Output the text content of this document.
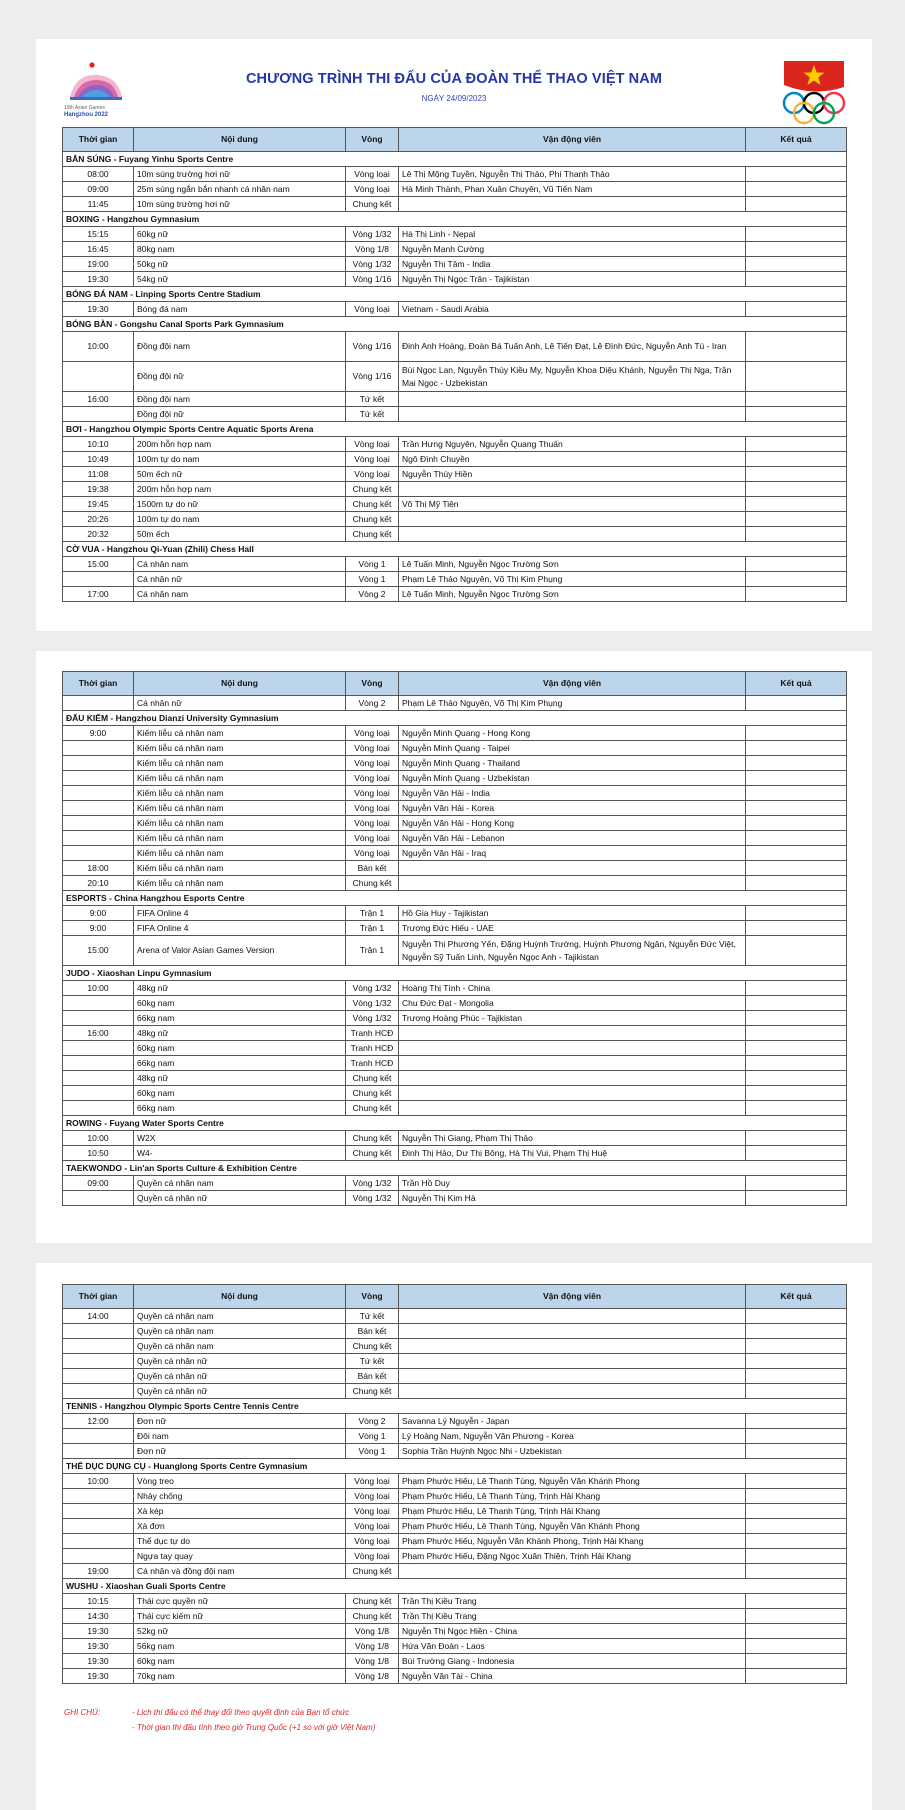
19th Asian Games
Hangzhou 2022
CHƯƠNG TRÌNH THI ĐẤU CỦA ĐOÀN THỂ THAO VIỆT NAM
NGÀY 24/09/2023
Thời gian	Nội dung	Vòng	Vận động viên	Kết quả
BẮN SÚNG - Fuyang Yinhu Sports Centre				
08:00	10m súng trường hơi nữ	Vòng loại	Lê Thị Mộng Tuyền, Nguyễn Thị Thảo, Phí Thanh Thảo	
09:00	25m súng ngắn bắn nhanh cá nhân nam	Vòng loại	Hà Minh Thành, Phan Xuân Chuyên, Vũ Tiến Nam	
11:45	10m súng trường hơi nữ	Chung kết		
BOXING - Hangzhou Gymnasium				
15:15	60kg nữ	Vòng 1/32	Hà Thị Linh - Nepal	
16:45	80kg nam	Vòng 1/8	Nguyễn Mạnh Cường	
19:00	50kg nữ	Vòng 1/32	Nguyễn Thị Tâm - India	
19:30	54kg nữ	Vòng 1/16	Nguyễn Thị Ngọc Trân - Tajikistan	
BÓNG ĐÁ NAM - Linping Sports Centre Stadium				
19:30	Bóng đá nam	Vòng loại	Vietnam - Saudi Arabia	
BÓNG BÀN - Gongshu Canal Sports Park Gymnasium				
10:00	Đồng đội nam	Vòng 1/16	Đinh Anh Hoàng, Đoàn Bá Tuấn Anh, Lê Tiến Đạt, Lê Đình Đức, Nguyễn Anh Tú - Iran	
	Đồng đội nữ	Vòng 1/16	Bùi Ngọc Lan, Nguyễn Thùy Kiều My, Nguyễn Khoa Diệu Khánh, Nguyễn Thị Nga, Trần Mai Ngọc - Uzbekistan	
16:00	Đồng đội nam	Tứ kết		
	Đồng đội nữ	Tứ kết		
BƠI - Hangzhou Olympic Sports Centre Aquatic Sports Arena				
10:10	200m hỗn hợp nam	Vòng loại	Trần Hưng Nguyên, Nguyễn Quang Thuấn	
10:49	100m tự do nam	Vòng loại	Ngô Đình Chuyền	
11:08	50m ếch nữ	Vòng loại	Nguyễn Thúy Hiền	
19:38	200m hỗn hợp nam	Chung kết		
19:45	1500m tự do nữ	Chung kết	Võ Thị Mỹ Tiên	
20:26	100m tự do nam	Chung kết		
20:32	50m ếch	Chung kết		
CỜ VUA - Hangzhou Qi-Yuan (Zhili) Chess Hall				
15:00	Cá nhân nam	Vòng 1	Lê Tuấn Minh, Nguyễn Ngọc Trường Sơn	
	Cá nhân nữ	Vòng 1	Phạm Lê Thảo Nguyên, Võ Thị Kim Phụng	
17:00	Cá nhân nam	Vòng 2	Lê Tuấn Minh, Nguyễn Ngọc Trường Sơn	
Thời gian	Nội dung	Vòng	Vận động viên	Kết quả
	Cá nhân nữ	Vòng 2	Phạm Lê Thảo Nguyên, Võ Thị Kim Phụng	
ĐẤU KIẾM - Hangzhou Dianzi University Gymnasium				
9:00	Kiếm liễu cá nhân nam	Vòng loại	Nguyễn Minh Quang - Hong Kong	
	Kiếm liễu cá nhân nam	Vòng loại	Nguyễn Minh Quang - Taipei	
	Kiếm liễu cá nhân nam	Vòng loại	Nguyễn Minh Quang - Thailand	
	Kiếm liễu cá nhân nam	Vòng loại	Nguyễn Minh Quang - Uzbekistan	
	Kiếm liễu cá nhân nam	Vòng loại	Nguyễn Văn Hải - India	
	Kiếm liễu cá nhân nam	Vòng loại	Nguyễn Văn Hải - Korea	
	Kiếm liễu cá nhân nam	Vòng loại	Nguyễn Văn Hải - Hong Kong	
	Kiếm liễu cá nhân nam	Vòng loại	Nguyễn Văn Hải - Lebanon	
	Kiếm liễu cá nhân nam	Vòng loại	Nguyễn Văn Hải - Iraq	
18:00	Kiếm liễu cá nhân nam	Bán kết		
20:10	Kiếm liễu cá nhân nam	Chung kết		
ESPORTS - China Hangzhou Esports Centre				
9:00	FIFA Online 4	Trận 1	Hồ Gia Huy - Tajikistan	
9:00	FIFA Online 4	Trận 1	Trương Đức Hiếu - UAE	
15:00	Arena of Valor Asian Games Version	Trận 1	Nguyễn Thị Phương Yến, Đặng Huỳnh Trường, Huỳnh Phương Ngân, Nguyễn Đức Việt, Nguyễn Sỹ Tuấn Linh, Nguyễn Ngọc Anh - Tajikistan	
JUDO - Xiaoshan Linpu Gymnasium				
10:00	48kg nữ	Vòng 1/32	Hoàng Thị Tình - China	
	60kg nam	Vòng 1/32	Chu Đức Đạt - Mongolia	
	66kg nam	Vòng 1/32	Trương Hoàng Phúc - Tajikistan	
16:00	48kg nữ	Tranh HCĐ		
	60kg nam	Tranh HCĐ		
	66kg nam	Tranh HCĐ		
	48kg nữ	Chung kết		
	60kg nam	Chung kết		
	66kg nam	Chung kết		
ROWING - Fuyang Water Sports Centre				
10:00	W2X	Chung kết	Nguyễn Thị Giang, Phạm Thị Thảo	
10:50	W4-	Chung kết	Đinh Thị Hảo, Dư Thị Bông, Hà Thị Vui, Phạm Thị Huệ	
TAEKWONDO - Lin'an Sports Culture & Exhibition Centre				
09:00	Quyền cá nhân nam	Vòng 1/32	Trần Hồ Duy	
	Quyền cá nhân nữ	Vòng 1/32	Nguyễn Thị Kim Hà	
Thời gian	Nội dung	Vòng	Vận động viên	Kết quả
14:00	Quyền cá nhân nam	Tứ kết		
	Quyền cá nhân nam	Bán kết		
	Quyền cá nhân nam	Chung kết		
	Quyền cá nhân nữ	Tứ kết		
	Quyền cá nhân nữ	Bán kết		
	Quyền cá nhân nữ	Chung kết		
TENNIS - Hangzhou Olympic Sports Centre Tennis Centre				
12:00	Đơn nữ	Vòng 2	Savanna Lý Nguyễn - Japan	
	Đôi nam	Vòng 1	Lý Hoàng Nam, Nguyễn Văn Phương - Korea	
	Đơn nữ	Vòng 1	Sophia Trần Huỳnh Ngọc Nhi - Uzbekistan	
THỂ DỤC DỤNG CỤ - Huanglong Sports Centre Gymnasium				
10:00	Vòng treo	Vòng loại	Phạm Phước Hiếu, Lê Thanh Tùng, Nguyễn Văn Khánh Phong	
	Nhảy chống	Vòng loại	Phạm Phước Hiếu, Lê Thanh Tùng, Trịnh Hải Khang	
	Xà kép	Vòng loại	Phạm Phước Hiếu, Lê Thanh Tùng, Trịnh Hải Khang	
	Xà đơn	Vòng loại	Phạm Phước Hiếu, Lê Thanh Tùng, Nguyễn Văn Khánh Phong	
	Thể dục tự do	Vòng loại	Phạm Phước Hiếu, Nguyễn Văn Khánh Phong, Trịnh Hải Khang	
	Ngựa tay quay	Vòng loại	Phạm Phước Hiếu, Đặng Ngọc Xuân Thiện, Trịnh Hải Khang	
19:00	Cá nhân và đồng đội nam	Chung kết		
WUSHU - Xiaoshan Guali Sports Centre				
10:15	Thái cực quyền nữ	Chung kết	Trần Thị Kiều Trang	
14:30	Thái cực kiếm nữ	Chung kết	Trần Thị Kiều Trang	
19:30	52kg nữ	Vòng 1/8	Nguyễn Thị Ngọc Hiền - China	
19:30	56kg nam	Vòng 1/8	Hứa Văn Đoàn - Laos	
19:30	60kg nam	Vòng 1/8	Bùi Trường Giang - Indonesia	
19:30	70kg nam	Vòng 1/8	Nguyễn Văn Tài - China	
GHI CHÚ:	- Lịch thi đấu có thể thay đổi theo quyết định của Ban tổ chức
- Thời gian thi đấu tính theo giờ Trung Quốc (+1 so với giờ Việt Nam)
